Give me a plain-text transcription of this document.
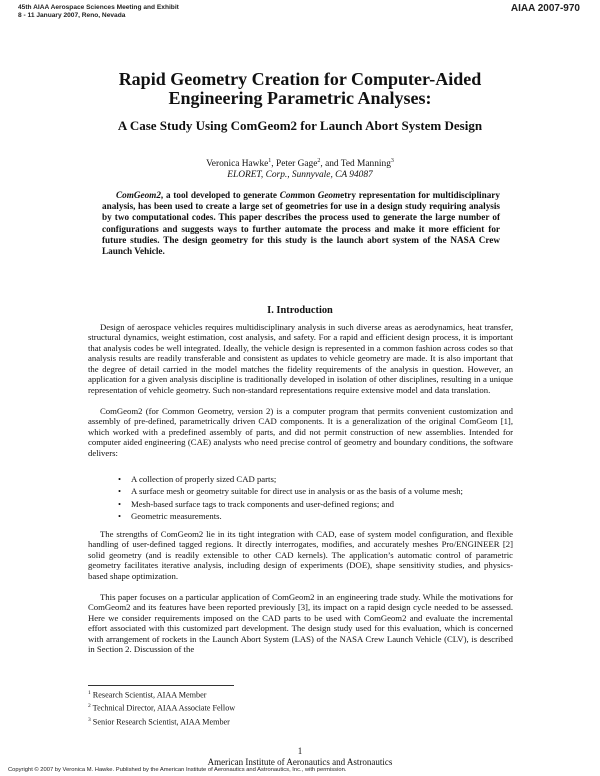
45th AIAA Aerospace Sciences Meeting and Exhibit
8 - 11 January 2007, Reno, Nevada
AIAA 2007-970
Rapid Geometry Creation for Computer-Aided
Engineering Parametric Analyses:
A Case Study Using ComGeom2 for Launch Abort System Design
Veronica Hawke$^1$, Peter Gage$^2$, and Ted Manning$^3$
ELORET, Corp., Sunnyvale, CA 94087

ComGeom2, a tool developed to generate Common Geometry representation for multidisciplinary analysis, has been used to create a large set of geometries for use in a design study requiring analysis by two computational codes. This paper describes the process used to generate the large number of configurations and suggests ways to further automate the process and make it more efficient for future studies. The design geometry for this study is the launch abort system of the NASA Crew Launch Vehicle.

I. Introduction

Design of aerospace vehicles requires multidisciplinary analysis in such diverse areas as aerodynamics, heat transfer, structural dynamics, weight estimation, cost analysis, and safety. For a rapid and efficient design process, it is important that analysis codes be well integrated. Ideally, the vehicle design is represented in a common fashion across codes so that analysis results are readily transferable and consistent as updates to vehicle geometry are made. It is also important that the degree of detail carried in the model matches the fidelity requirements of the analysis in question. However, an application for a given analysis discipline is traditionally developed in isolation of other disciplines, resulting in a unique representation of vehicle geometry. Such non-standard representations require extensive model and data translation.

ComGeom2 (for Common Geometry, version 2) is a computer program that permits convenient customization and assembly of pre-defined, parametrically driven CAD components. It is a generalization of the original ComGeom [1], which worked with a predefined assembly of parts, and did not permit construction of new assemblies. Intended for computer aided engineering (CAE) analysts who need precise control of geometry and boundary conditions, the software delivers:

• A collection of properly sized CAD parts;
• A surface mesh or geometry suitable for direct use in analysis or as the basis of a volume mesh;
• Mesh-based surface tags to track components and user-defined regions; and
• Geometric measurements.

The strengths of ComGeom2 lie in its tight integration with CAD, ease of system model configuration, and flexible handling of user-defined tagged regions. It directly interrogates, modifies, and accurately meshes Pro/ENGINEER [2] solid geometry (and is readily extensible to other CAD kernels). The application’s automatic control of parametric geometry facilitates iterative analysis, including design of experiments (DOE), shape sensitivity studies, and physics-based shape optimization.

This paper focuses on a particular application of ComGeom2 in an engineering trade study. While the motivations for ComGeom2 and its features have been reported previously [3], its impact on a rapid design cycle needed to be assessed. Here we consider requirements imposed on the CAD parts to be used with ComGeom2 and evaluate the incremental effort associated with this customized part development. The design study used for this evaluation, which is concerned with arrangement of rockets in the Launch Abort System (LAS) of the NASA Crew Launch Vehicle (CLV), is described in Section 2. Discussion of the

$^1$ Research Scientist, AIAA Member
$^2$ Technical Director, AIAA Associate Fellow
$^3$ Senior Research Scientist, AIAA Member
1
American Institute of Aeronautics and Astronautics
Copyright © 2007 by Veronica M. Hawke. Published by the American Institute of Aeronautics and Astronautics, Inc., with permission.
